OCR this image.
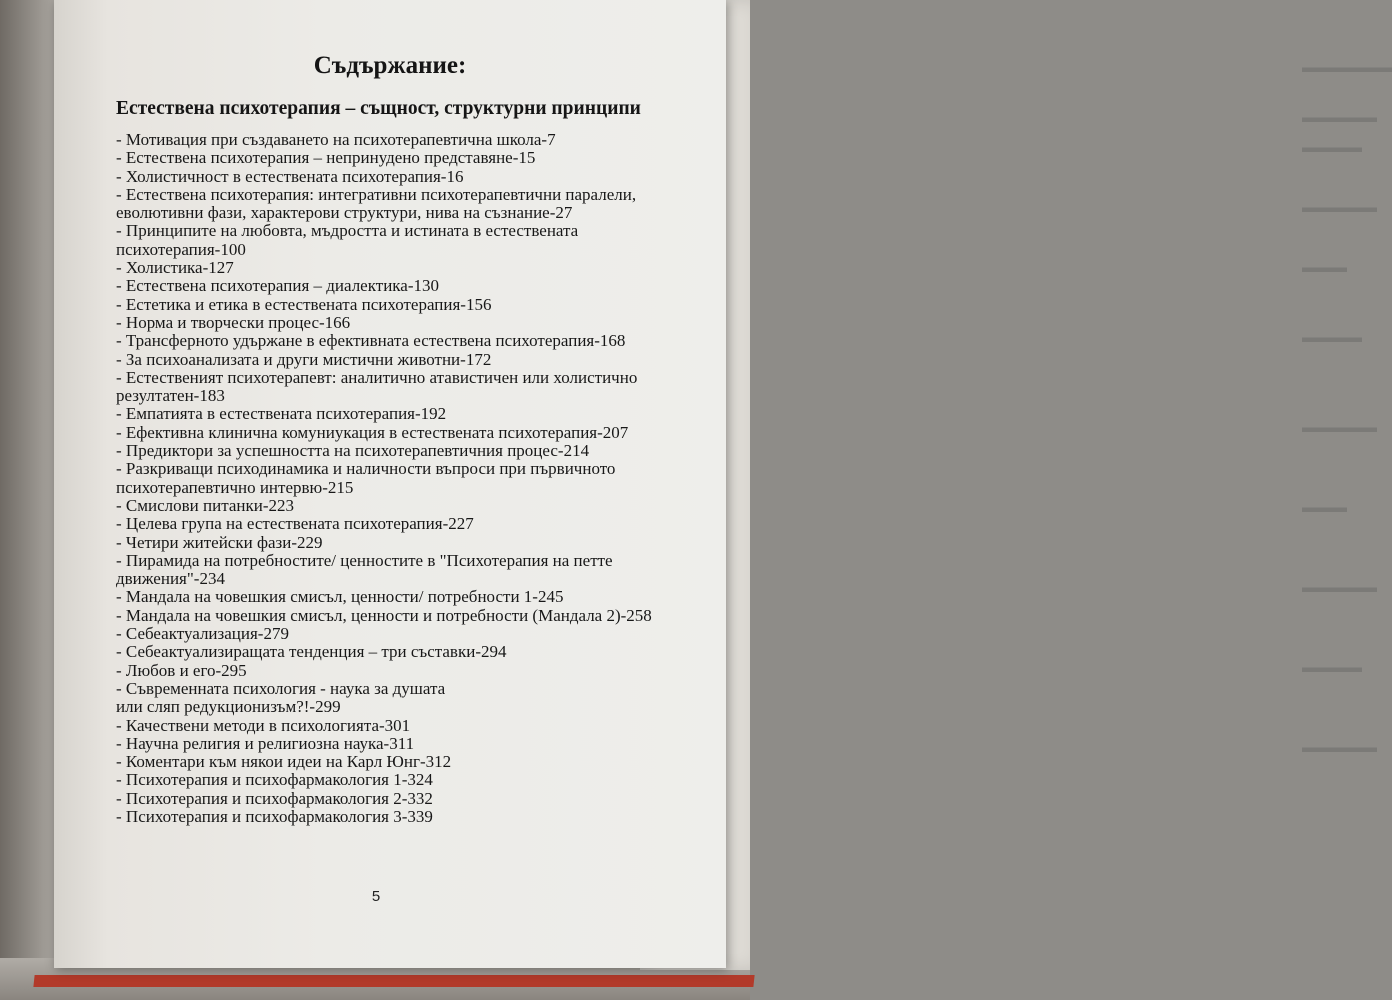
▬▬▬▬▬▬
▬▬▬▬▬
▬▬▬▬
▬▬▬▬▬
▬▬▬
▬▬▬▬
▬▬▬▬▬
▬▬▬
▬▬▬▬▬
▬▬▬▬
▬▬▬▬▬
Съдържание:
Естествена психотерапия – същност, структурни принципи
- Мотивация при създаването на психотерапевтична школа-7
- Естествена психотерапия – непринудено представяне-15
- Холистичност в естествената психотерапия-16
- Естествена психотерапия: интегративни психотерапевтични паралели,
еволютивни фази, характерови структури, нива на съзнание-27
- Принципите на любовта, мъдростта и истината в естествената
психотерапия-100
- Холистика-127
- Естествена психотерапия – диалектика-130
- Естетика и етика в естествената психотерапия-156
- Норма и творчески процес-166
- Трансферното удържане в ефективната естествена психотерапия-168
- За психоанализата и други мистични животни-172
- Естественият психотерапевт: аналитично атавистичен или холистично
резултатен-183
- Емпатията в естествената психотерапия-192
- Ефективна клинична комуниукация в естествената психотерапия-207
- Предиктори за успешността на психотерапевтичния процес-214
- Разкриващи психодинамика и наличности въпроси при първичното
психотерапевтично интервю-215
- Смислови питанки-223
- Целева група на естествената психотерапия-227
- Четири житейски фази-229
- Пирамида на потребностите/ ценностите в "Психотерапия на петте
движения"-234
- Мандала на човешкия смисъл, ценности/ потребности 1-245
- Мандала на човешкия смисъл, ценности и потребности (Мандала 2)-258
- Себеактуализация-279
- Себеактуализиращата тенденция – три съставки-294
- Любов и его-295
- Съвременната психология - наука за душата
или сляп редукционизъм?!-299
- Качествени методи в психологията-301
- Научна религия и религиозна наука-311
- Коментари към някои идеи на Карл Юнг-312
- Психотерапия и психофармакология 1-324
- Психотерапия и психофармакология 2-332
- Психотерапия и психофармакология 3-339
5
